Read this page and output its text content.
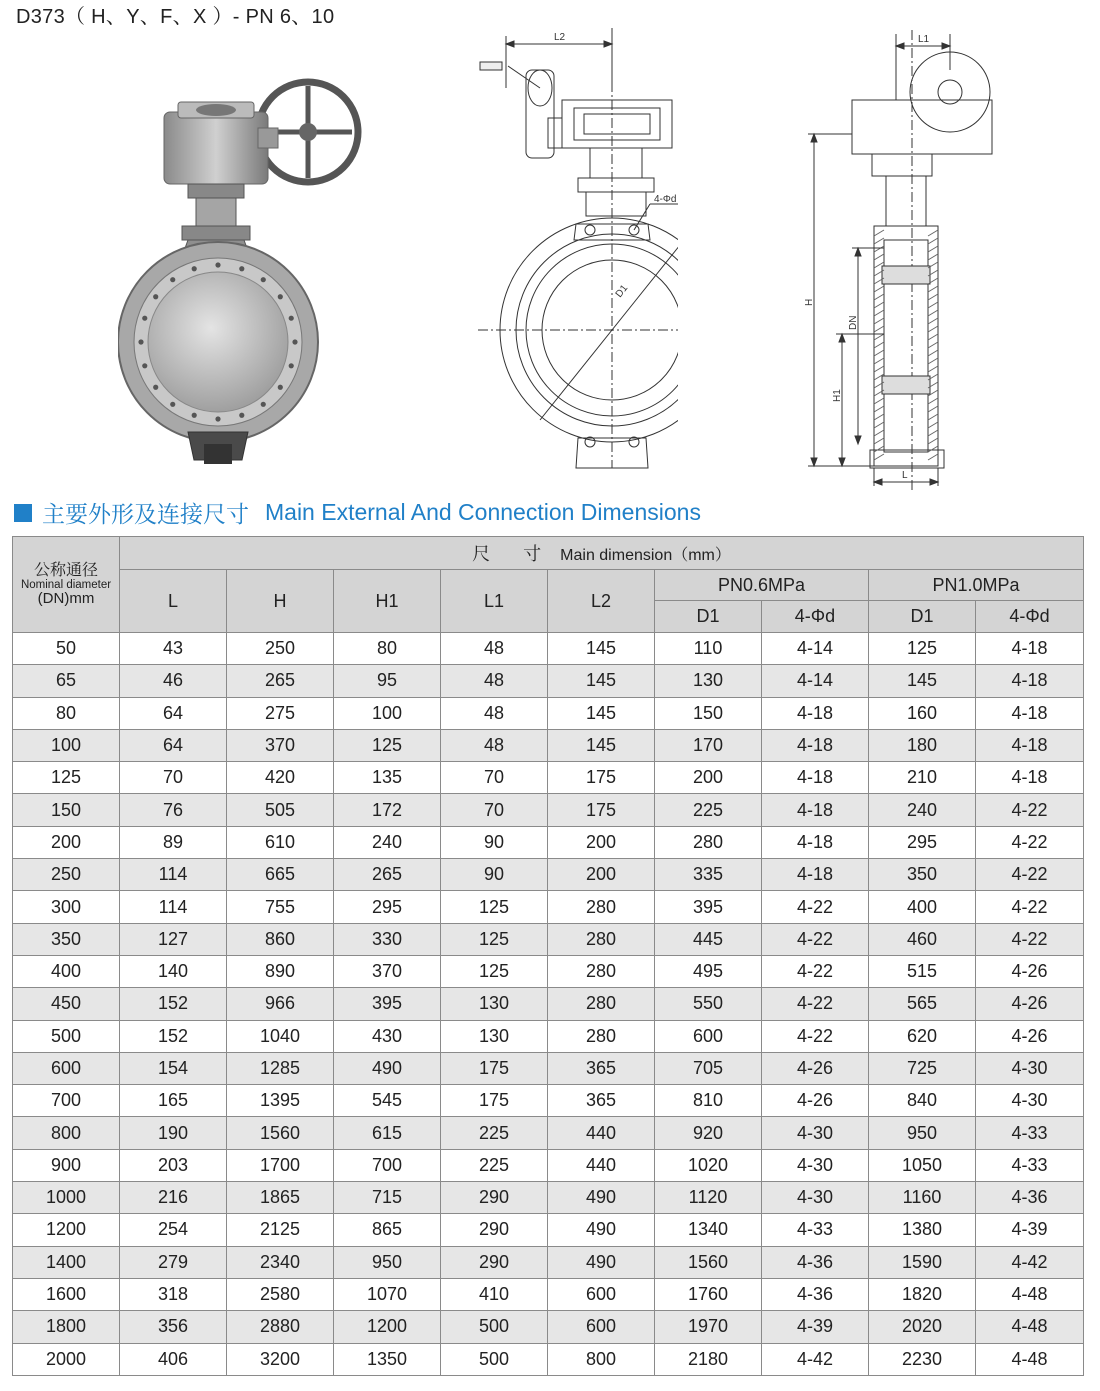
D373（ H、Y、F、X ）- PN 6、10
L2
4-Φd
D1
L1
H
DN
H1
L
主要外形及连接尺寸 Main External And Connection Dimensions
公称通径
Nominal diameter
(DN)mm	尺 寸 Main dimension（mm）								
	L	H	H1	L1	L2	PN0.6MPa		PN1.0MPa	
						D1	4-Φd	D1	4-Φd
50	43	250	80	48	145	110	4-14	125	4-18
65	46	265	95	48	145	130	4-14	145	4-18
80	64	275	100	48	145	150	4-18	160	4-18
100	64	370	125	48	145	170	4-18	180	4-18
125	70	420	135	70	175	200	4-18	210	4-18
150	76	505	172	70	175	225	4-18	240	4-22
200	89	610	240	90	200	280	4-18	295	4-22
250	114	665	265	90	200	335	4-18	350	4-22
300	114	755	295	125	280	395	4-22	400	4-22
350	127	860	330	125	280	445	4-22	460	4-22
400	140	890	370	125	280	495	4-22	515	4-26
450	152	966	395	130	280	550	4-22	565	4-26
500	152	1040	430	130	280	600	4-22	620	4-26
600	154	1285	490	175	365	705	4-26	725	4-30
700	165	1395	545	175	365	810	4-26	840	4-30
800	190	1560	615	225	440	920	4-30	950	4-33
900	203	1700	700	225	440	1020	4-30	1050	4-33
1000	216	1865	715	290	490	1120	4-30	1160	4-36
1200	254	2125	865	290	490	1340	4-33	1380	4-39
1400	279	2340	950	290	490	1560	4-36	1590	4-42
1600	318	2580	1070	410	600	1760	4-36	1820	4-48
1800	356	2880	1200	500	600	1970	4-39	2020	4-48
2000	406	3200	1350	500	800	2180	4-42	2230	4-48
